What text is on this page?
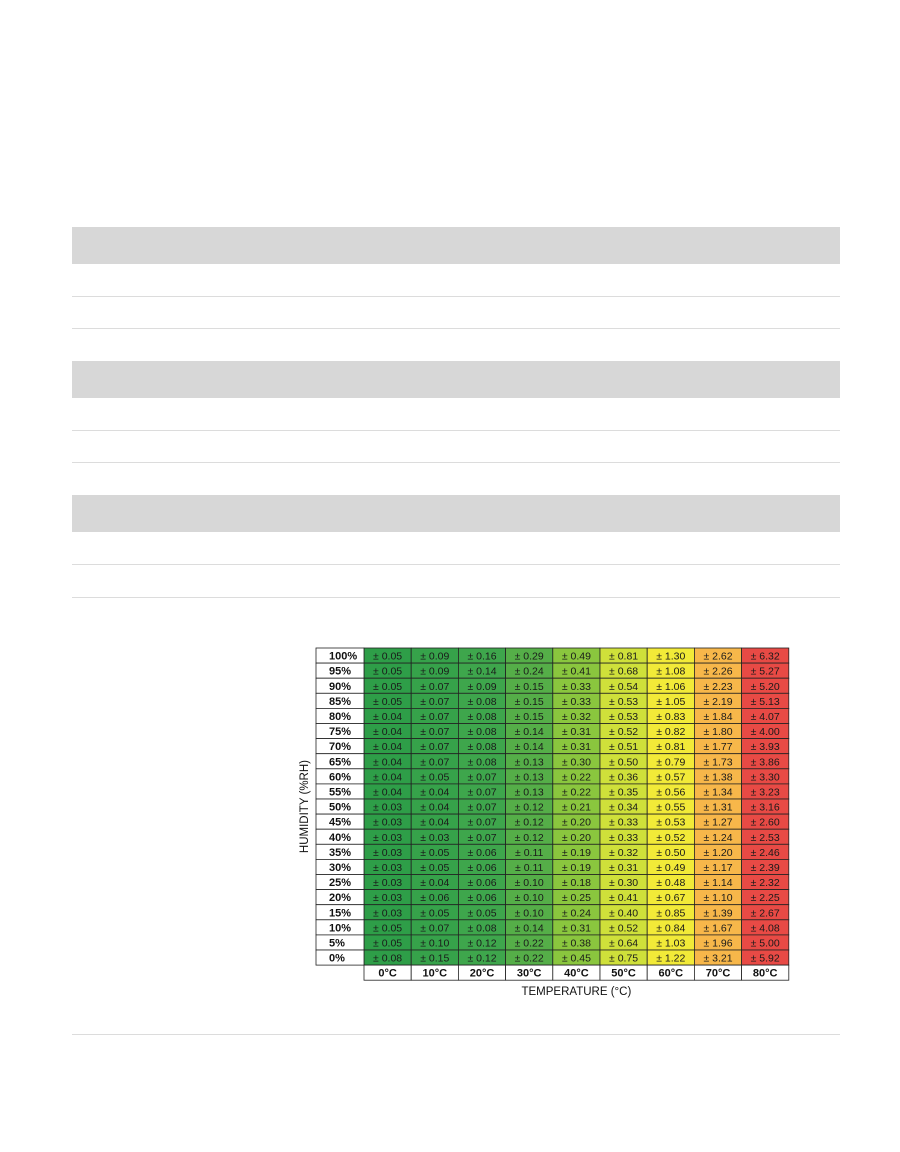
± 0.05 ± 0.09 ± 0.16 ± 0.29 ± 0.49 ± 0.81 ± 1.30 ± 2.62 ± 6.32
± 0.05 ± 0.09 ± 0.14 ± 0.24 ± 0.41 ± 0.68 ± 1.08 ± 2.26 ± 5.27
± 0.05 ± 0.07 ± 0.09 ± 0.15 ± 0.33 ± 0.54 ± 1.06 ± 2.23 ± 5.20
± 0.05 ± 0.07 ± 0.08 ± 0.15 ± 0.33 ± 0.53 ± 1.05 ± 2.19 ± 5.13
± 0.04 ± 0.07 ± 0.08 ± 0.15 ± 0.32 ± 0.53 ± 0.83 ± 1.84 ± 4.07
± 0.04 ± 0.07 ± 0.08 ± 0.14 ± 0.31 ± 0.52 ± 0.82 ± 1.80 ± 4.00
± 0.04 ± 0.07 ± 0.08 ± 0.14 ± 0.31 ± 0.51 ± 0.81 ± 1.77 ± 3.93
± 0.04 ± 0.07 ± 0.08 ± 0.13 ± 0.30 ± 0.50 ± 0.79 ± 1.73 ± 3.86
± 0.04 ± 0.05 ± 0.07 ± 0.13 ± 0.22 ± 0.36 ± 0.57 ± 1.38 ± 3.30
± 0.04 ± 0.04 ± 0.07 ± 0.13 ± 0.22 ± 0.35 ± 0.56 ± 1.34 ± 3.23
± 0.03 ± 0.04 ± 0.07 ± 0.12 ± 0.21 ± 0.34 ± 0.55 ± 1.31 ± 3.16
± 0.03 ± 0.04 ± 0.07 ± 0.12 ± 0.20 ± 0.33 ± 0.53 ± 1.27 ± 2.60
± 0.03 ± 0.03 ± 0.07 ± 0.12 ± 0.20 ± 0.33 ± 0.52 ± 1.24 ± 2.53
± 0.03 ± 0.05 ± 0.06 ± 0.11 ± 0.19 ± 0.32 ± 0.50 ± 1.20 ± 2.46
± 0.03 ± 0.05 ± 0.06 ± 0.11 ± 0.19 ± 0.31 ± 0.49 ± 1.17 ± 2.39
± 0.03 ± 0.04 ± 0.06 ± 0.10 ± 0.18 ± 0.30 ± 0.48 ± 1.14 ± 2.32
± 0.03 ± 0.06 ± 0.06 ± 0.10 ± 0.25 ± 0.41 ± 0.67 ± 1.10 ± 2.25
± 0.03 ± 0.05 ± 0.05 ± 0.10 ± 0.24 ± 0.40 ± 0.85 ± 1.39 ± 2.67
± 0.05 ± 0.07 ± 0.08 ± 0.14 ± 0.31 ± 0.52 ± 0.84 ± 1.67 ± 4.08
± 0.05 ± 0.10 ± 0.12 ± 0.22 ± 0.38 ± 0.64 ± 1.03 ± 1.96 ± 5.00
± 0.08 ± 0.15 ± 0.12 ± 0.22 ± 0.45 ± 0.75 ± 1.22 ± 3.21 ± 5.92
100%
95%
90%
85%
80%
75%
70%
65%
60%
55%
50%
45%
40%
35%
30%
25%
20%
15%
10%
5%
0%
0°C 10°C 20°C 30°C 40°C 50°C 60°C 70°C 80°C
TEMPERATURE (°C)
HUMIDITY (%RH)
